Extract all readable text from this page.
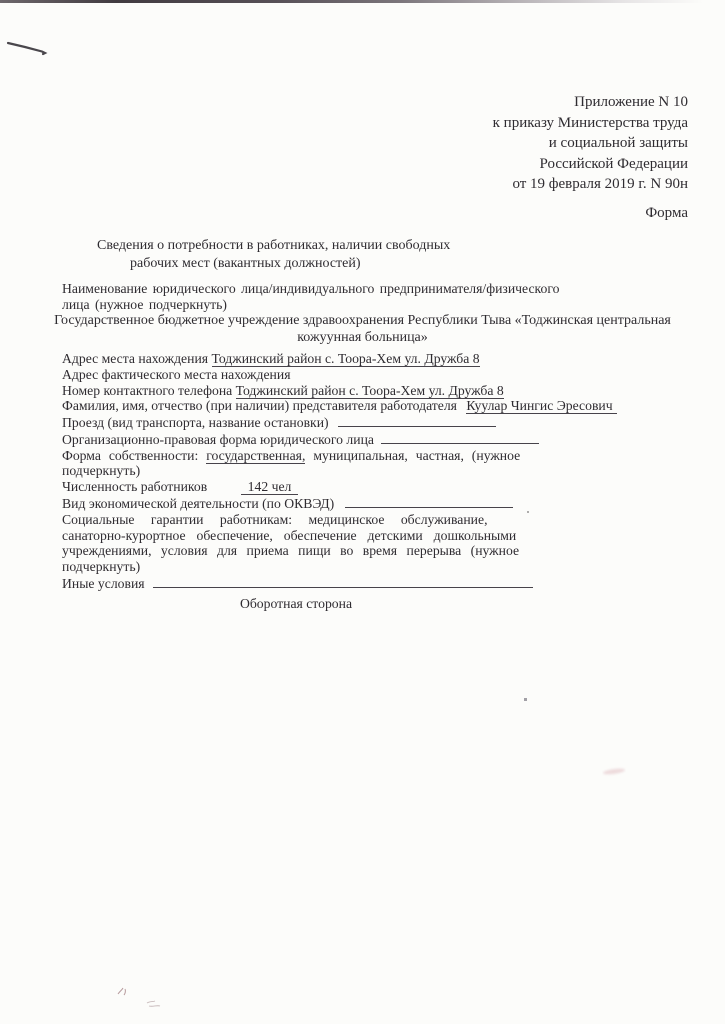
Приложение N 10
к приказу Министерства труда
и социальной защиты
Российской Федерации
от 19 февраля 2019 г. N 90н
Форма
Сведения о потребности в работниках, наличии свободных
рабочих мест (вакантных должностей)
Наименование юридического лица/индивидуального предпринимателя/физического
лица (нужное подчеркнуть)
Государственное бюджетное учреждение здравоохранения Республики Тыва «Тоджинская центральная
кожуунная больница»
Адрес места нахождения Тоджинский район с. Тоора-Хем ул. Дружба 8
Адрес фактического места нахождения
Номер контактного телефона Тоджинский район с. Тоора-Хем ул. Дружба 8
Фамилия, имя, отчество (при наличии) представителя работодателя Куулар Чингис Эресович
Проезд (вид транспорта, название остановки)
Организационно-правовая форма юридического лица
Форма собственности: государственная, муниципальная, частная, (нужное
подчеркнуть)
Численность работников	142 чел
Вид экономической деятельности (по ОКВЭД)
Социальные гарантии работникам: медицинское обслуживание,
санаторно-курортное обеспечение, обеспечение детскими дошкольными
учреждениями, условия для приема пищи во время перерыва (нужное
подчеркнуть)
Иные условия
Оборотная сторона
